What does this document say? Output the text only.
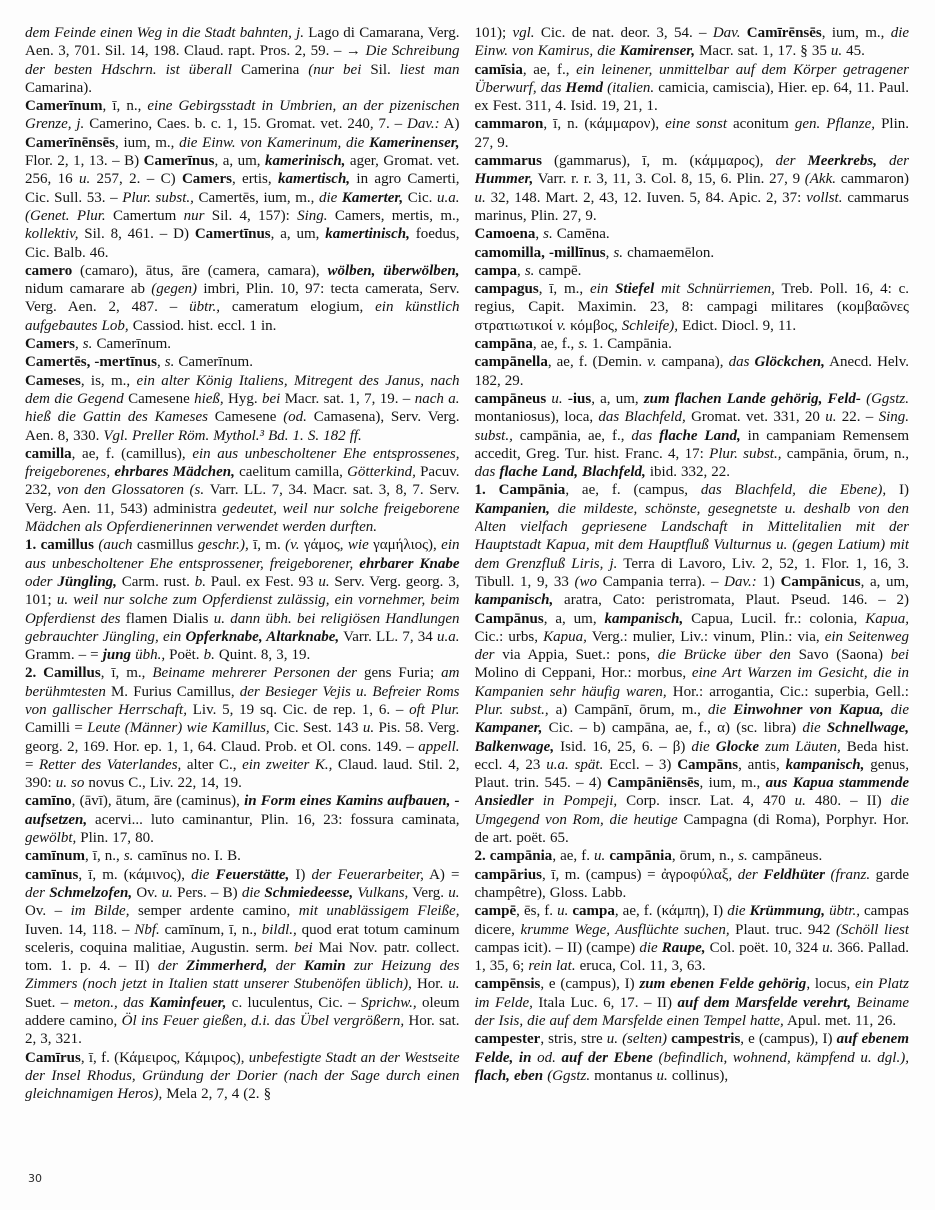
dem Feinde einen Weg in die Stadt bahnten, j. Lago di Camarana, Verg. Aen. 3, 701. Sil. 14, 198. Claud. rapt. Pros. 2, 59. – → Die Schreibung der besten Hdschrn. ist überall Camerina (nur bei Sil. liest man Camarina).

Camerīnum, ī, n., eine Gebirgsstadt in Umbrien, an der pizenischen Grenze, j. Camerino, Caes. b. c. 1, 15. Gromat. vet. 240, 7. – Dav.: A) Camerīnēnsēs, ium, m., die Einw. von Kamerinum, die Kamerinenser, Flor. 2, 1, 13. – B) Camerīnus, a, um, kamerinisch, ager, Gromat. vet. 256, 16 u. 257, 2. – C) Camers, ertis, kamertisch, in agro Camerti, Cic. Sull. 53. – Plur. subst., Camertēs, ium, m., die Kamerter, Cic. u.a. (Genet. Plur. Camertum nur Sil. 4, 157): Sing. Camers, mertis, m., kollektiv, Sil. 8, 461. – D) Camertīnus, a, um, kamertinisch, foedus, Cic. Balb. 46.

camero (camaro), ātus, āre (camera, camara), wölben, überwölben, nidum camarare ab (gegen) imbri, Plin. 10, 97: tecta camerata, Serv. Verg. Aen. 2, 487. – übtr., cameratum elogium, ein künstlich aufgebautes Lob, Cassiod. hist. eccl. 1 in.

Camers, s. Camerīnum.

Camertēs, -mertīnus, s. Camerīnum.

Cameses, is, m., ein alter König Italiens, Mitregent des Janus, nach dem die Gegend Camesene hieß, Hyg. bei Macr. sat. 1, 7, 19. – nach a. hieß die Gattin des Kameses Camesene (od. Camasena), Serv. Verg. Aen. 8, 330. Vgl. Preller Röm. Mythol.³ Bd. 1. S. 182 ff.

camilla, ae, f. (camillus), ein aus unbescholtener Ehe entsprossenes, freigeborenes, ehrbares Mädchen, caelitum camilla, Götterkind, Pacuv. 232, von den Glossatoren (s. Varr. LL. 7, 34. Macr. sat. 3, 8, 7. Serv. Verg. Aen. 11, 543) administra gedeutet, weil nur solche freigeborene Mädchen als Opferdienerinnen verwendet werden durften.

1. camillus (auch casmillus geschr.), ī, m. (v. γάμος, wie γαμήλιος), ein aus unbescholtener Ehe entsprossener, freigeborener, ehrbarer Knabe oder Jüngling, Carm. rust. b. Paul. ex Fest. 93 u. Serv. Verg. georg. 3, 101; u. weil nur solche zum Opferdienst zulässig, ein vornehmer, beim Opferdienst des flamen Dialis u. dann übh. bei religiösen Handlungen gebrauchter Jüngling, ein Opferknabe, Altarknabe, Varr. LL. 7, 34 u.a. Gramm. – = jung übh., Poët. b. Quint. 8, 3, 19.

2. Camillus, ī, m., Beiname mehrerer Personen der gens Furia; am berühmtesten M. Furius Camillus, der Besieger Vejis u. Befreier Roms von gallischer Herrschaft, Liv. 5, 19 sq. Cic. de rep. 1, 6. – oft Plur. Camilli = Leute (Männer) wie Kamillus, Cic. Sest. 143 u. Pis. 58. Verg. georg. 2, 169. Hor. ep. 1, 1, 64. Claud. Prob. et Ol. cons. 149. – appell. = Retter des Vaterlandes, alter C., ein zweiter K., Claud. laud. Stil. 2, 390: u. so novus C., Liv. 22, 14, 19.

camīno, (āvī), ātum, āre (caminus), in Form eines Kamins aufbauen, -aufsetzen, acervi... luto caminantur, Plin. 16, 23: fossura caminata, gewölbt, Plin. 17, 80.

camīnum, ī, n., s. camīnus no. I. B.

camīnus, ī, m. (κάμινος), die Feuerstätte, I) der Feuerarbeiter, A) = der Schmelzofen, Ov. u. Pers. – B) die Schmiedeesse, Vulkans, Verg. u. Ov. – im Bilde, semper ardente camino, mit unablässigem Fleiße, Iuven. 14, 118. – Nbf. camīnum, ī, n., bildl., quod erat totum caminum sceleris, coquina malitiae, Augustin. serm. bei Mai Nov. patr. collect. tom. 1. p. 4. – II) der Zimmerherd, der Kamin zur Heizung des Zimmers (noch jetzt in Italien statt unserer Stubenöfen üblich), Hor. u. Suet. – meton., das Kaminfeuer, c. luculentus, Cic. – Sprichw., oleum addere camino, Öl ins Feuer gießen, d.i. das Übel vergrößern, Hor. sat. 2, 3, 321.

Camīrus, ī, f. (Κάμειρος, Κάμιρος), unbefestigte Stadt an der Westseite der Insel Rhodus, Gründung der Dorier (nach der Sage durch einen gleichnamigen Heros), Mela 2, 7, 4 (2. §

101); vgl. Cic. de nat. deor. 3, 54. – Dav. Camīrēnsēs, ium, m., die Einw. von Kamirus, die Kamirenser, Macr. sat. 1, 17. § 35 u. 45.

camīsia, ae, f., ein leinener, unmittelbar auf dem Körper getragener Überwurf, das Hemd (italien. camicia, camiscia), Hier. ep. 64, 11. Paul. ex Fest. 311, 4. Isid. 19, 21, 1.

cammaron, ī, n. (κάμμαρον), eine sonst aconitum gen. Pflanze, Plin. 27, 9.

cammarus (gammarus), ī, m. (κάμμαρος), der Meerkrebs, der Hummer, Varr. r. r. 3, 11, 3. Col. 8, 15, 6. Plin. 27, 9 (Akk. cammaron) u. 32, 148. Mart. 2, 43, 12. Iuven. 5, 84. Apic. 2, 37: vollst. cammarus marinus, Plin. 27, 9.

Camoena, s. Camēna.

camomilla, -millīnus, s. chamaemēlon.

campa, s. campē.

campagus, ī, m., ein Stiefel mit Schnürriemen, Treb. Poll. 16, 4: c. regius, Capit. Maximin. 23, 8: campagi militares (κομβαῶνες στρατιωτικοί v. κόμβος, Schleife), Edict. Diocl. 9, 11.

campāna, ae, f., s. 1. Campānia.

campānella, ae, f. (Demin. v. campana), das Glöckchen, Anecd. Helv. 182, 29.

campāneus u. -ius, a, um, zum flachen Lande gehörig, Feld- (Ggstz. montaniosus), loca, das Blachfeld, Gromat. vet. 331, 20 u. 22. – Sing. subst., campānia, ae, f., das flache Land, in campaniam Remensem accedit, Greg. Tur. hist. Franc. 4, 17: Plur. subst., campānia, ōrum, n., das flache Land, Blachfeld, ibid. 332, 22.

1. Campānia, ae, f. (campus, das Blachfeld, die Ebene), I) Kampanien, die mildeste, schönste, gesegnetste u. deshalb von den Alten vielfach gepriesene Landschaft in Mittelitalien mit der Hauptstadt Kapua, mit dem Hauptfluß Vulturnus u. (gegen Latium) mit dem Grenzfluß Liris, j. Terra di Lavoro, Liv. 2, 52, 1. Flor. 1, 16, 3. Tibull. 1, 9, 33 (wo Campania terra). – Dav.: 1) Campānicus, a, um, kampanisch, aratra, Cato: peristromata, Plaut. Pseud. 146. – 2) Campānus, a, um, kampanisch, Capua, Lucil. fr.: colonia, Kapua, Cic.: urbs, Kapua, Verg.: mulier, Liv.: vinum, Plin.: via, ein Seitenweg der via Appia, Suet.: pons, die Brücke über den Savo (Saona) bei Molino di Ceppani, Hor.: morbus, eine Art Warzen im Gesicht, die in Kampanien sehr häufig waren, Hor.: arrogantia, Cic.: superbia, Gell.: Plur. subst., a) Campānī, ōrum, m., die Einwohner von Kapua, die Kampaner, Cic. – b) campāna, ae, f., α) (sc. libra) die Schnellwage, Balkenwage, Isid. 16, 25, 6. – β) die Glocke zum Läuten, Beda hist. eccl. 4, 23 u.a. spät. Eccl. – 3) Campāns, antis, kampanisch, genus, Plaut. trin. 545. – 4) Campāniēnsēs, ium, m., aus Kapua stammende Ansiedler in Pompeji, Corp. inscr. Lat. 4, 470 u. 480. – II) die Umgegend von Rom, die heutige Campagna (di Roma), Porphyr. Hor. de art. poët. 65.

2. campānia, ae, f. u. campānia, ōrum, n., s. campāneus.

campārius, ī, m. (campus) = ἀγροφύλαξ, der Feldhüter (franz. garde champêtre), Gloss. Labb.

campē, ēs, f. u. campa, ae, f. (κάμπη), I) die Krümmung, übtr., campas dicere, krumme Wege, Ausflüchte suchen, Plaut. truc. 942 (Schöll liest campas icit). – II) (campe) die Raupe, Col. poët. 10, 324 u. 366. Pallad. 1, 35, 6; rein lat. eruca, Col. 11, 3, 63.

campēnsis, e (campus), I) zum ebenen Felde gehörig, locus, ein Platz im Felde, Itala Luc. 6, 17. – II) auf dem Marsfelde verehrt, Beiname der Isis, die auf dem Marsfelde einen Tempel hatte, Apul. met. 11, 26.

campester, stris, stre u. (selten) campestris, e (campus), I) auf ebenem Felde, in od. auf der Ebene (befindlich, wohnend, kämpfend u. dgl.), flach, eben (Ggstz. montanus u. collinus),

30
